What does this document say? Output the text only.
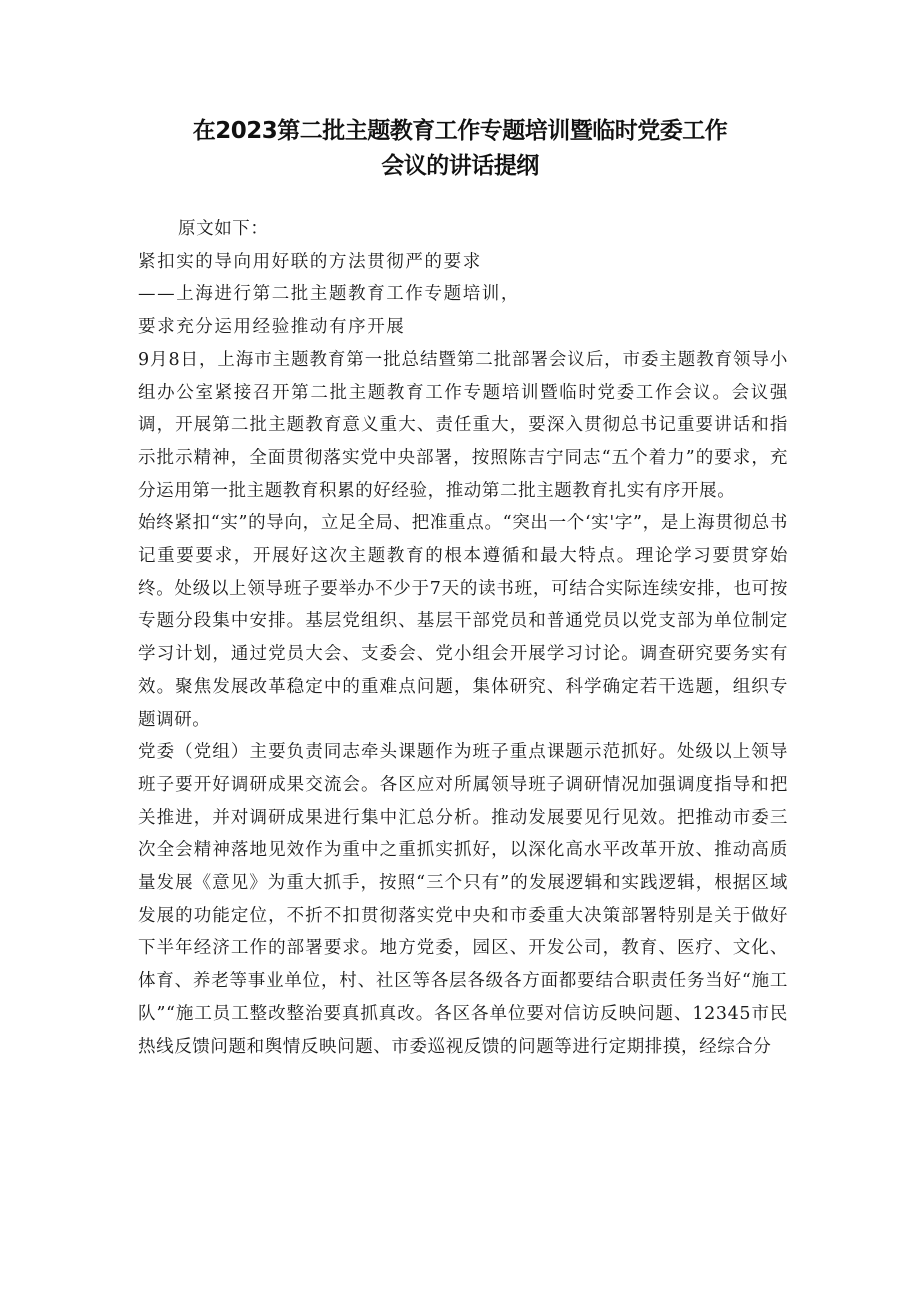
在2023第二批主题教育工作专题培训暨临时党委工作
会议的讲话提纲

原文如下：

紧扣实的导向用好联的方法贯彻严的要求

——上海进行第二批主题教育工作专题培训，

要求充分运用经验推动有序开展

9月8日，上海市主题教育第一批总结暨第二批部署会议后，市委主题教育领导小组办公室紧接召开第二批主题教育工作专题培训暨临时党委工作会议。会议强调，开展第二批主题教育意义重大、责任重大，要深入贯彻总书记重要讲话和指示批示精神，全面贯彻落实党中央部署，按照陈吉宁同志“五个着力”的要求，充分运用第一批主题教育积累的好经验，推动第二批主题教育扎实有序开展。

始终紧扣“实”的导向，立足全局、把准重点。“突出一个‘实'字”，是上海贯彻总书记重要要求，开展好这次主题教育的根本遵循和最大特点。理论学习要贯穿始终。处级以上领导班子要举办不少于7天的读书班，可结合实际连续安排，也可按专题分段集中安排。基层党组织、基层干部党员和普通党员以党支部为单位制定学习计划，通过党员大会、支委会、党小组会开展学习讨论。调查研究要务实有效。聚焦发展改革稳定中的重难点问题，集体研究、科学确定若干选题，组织专题调研。

党委（党组）主要负责同志牵头课题作为班子重点课题示范抓好。处级以上领导班子要开好调研成果交流会。各区应对所属领导班子调研情况加强调度指导和把关推进，并对调研成果进行集中汇总分析。推动发展要见行见效。把推动市委三次全会精神落地见效作为重中之重抓实抓好，以深化高水平改革开放、推动高质量发展《意见》为重大抓手，按照“三个只有”的发展逻辑和实践逻辑，根据区域发展的功能定位，不折不扣贯彻落实党中央和市委重大决策部署特别是关于做好下半年经济工作的部署要求。地方党委，园区、开发公司，教育、医疗、文化、体育、养老等事业单位，村、社区等各层各级各方面都要结合职责任务当好“施工队”“施工员工整改整治要真抓真改。各区各单位要对信访反映问题、12345市民热线反馈问题和舆情反映问题、市委巡视反馈的问题等进行定期排摸，经综合分
